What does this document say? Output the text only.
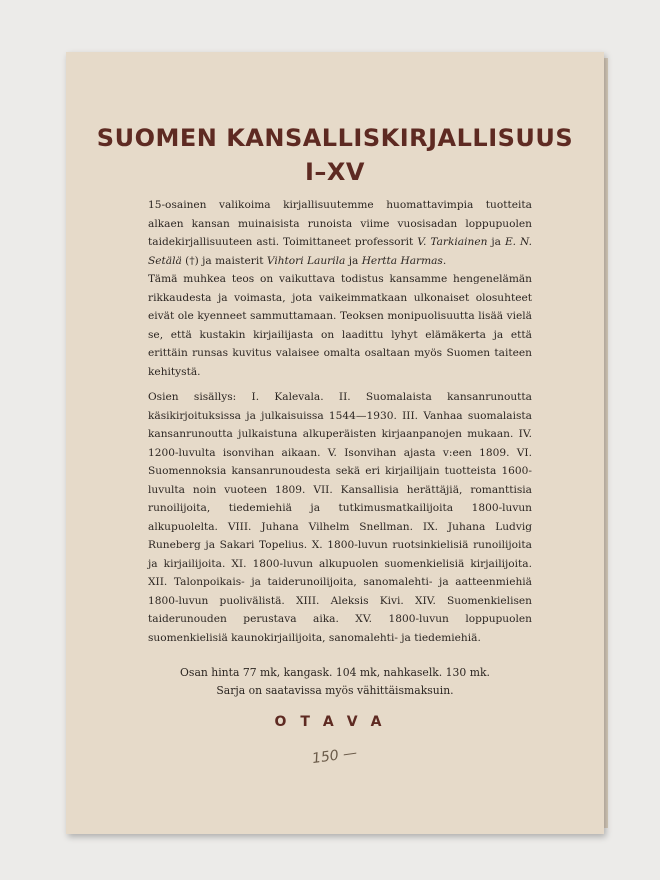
SUOMEN KANSALLISKIRJALLISUUS
I–XV

15-osainen valikoima kirjallisuutemme huomattavimpia tuotteita alkaen kansan muinaisista runoista viime vuosisadan loppupuolen taidekirjallisuuteen asti. Toimittaneet professorit V. Tarkiainen ja E. N. Setälä (†) ja maisterit Vihtori Laurila ja Hertta Harmas.

Tämä muhkea teos on vaikuttava todistus kansamme hengenelämän rikkaudesta ja voimasta, jota vaikeimmatkaan ulkonaiset olosuhteet eivät ole kyenneet sammuttamaan. Teoksen monipuolisuutta lisää vielä se, että kustakin kirjailijasta on laadittu lyhyt elämäkerta ja että erittäin runsas kuvitus valaisee omalta osaltaan myös Suomen taiteen kehitystä.

Osien sisällys: I. Kalevala. II. Suomalaista kansanrunoutta käsikirjoituksissa ja julkaisuissa 1544—1930. III. Vanhaa suomalaista kansanrunoutta julkaistuna alkuperäisten kirjaanpanojen mukaan. IV. 1200-luvulta isonvihan aikaan. V. Isonvihan ajasta v:een 1809. VI. Suomennoksia kansanrunoudesta sekä eri kirjailijain tuotteista 1600-luvulta noin vuoteen 1809. VII. Kansallisia herättäjiä, romanttisia runoilijoita, tiedemiehiä ja tutkimusmatkailijoita 1800-luvun alkupuolelta. VIII. Juhana Vilhelm Snellman. IX. Juhana Ludvig Runeberg ja Sakari Topelius. X. 1800-luvun ruotsinkielisiä runoilijoita ja kirjailijoita. XI. 1800-luvun alkupuolen suomenkielisiä kirjailijoita. XII. Talonpoikais- ja taiderunoilijoita, sanomalehti- ja aatteenmiehiä 1800-luvun puolivälistä. XIII. Aleksis Kivi. XIV. Suomenkielisen taiderunouden perustava aika. XV. 1800-luvun loppupuolen suomenkielisiä kaunokirjailijoita, sanomalehti- ja tiedemiehiä.

Osan hinta 77 mk, kangask. 104 mk, nahkaselk. 130 mk.
Sarja on saatavissa myös vähittäismaksuin.
OTAVA
150 —
